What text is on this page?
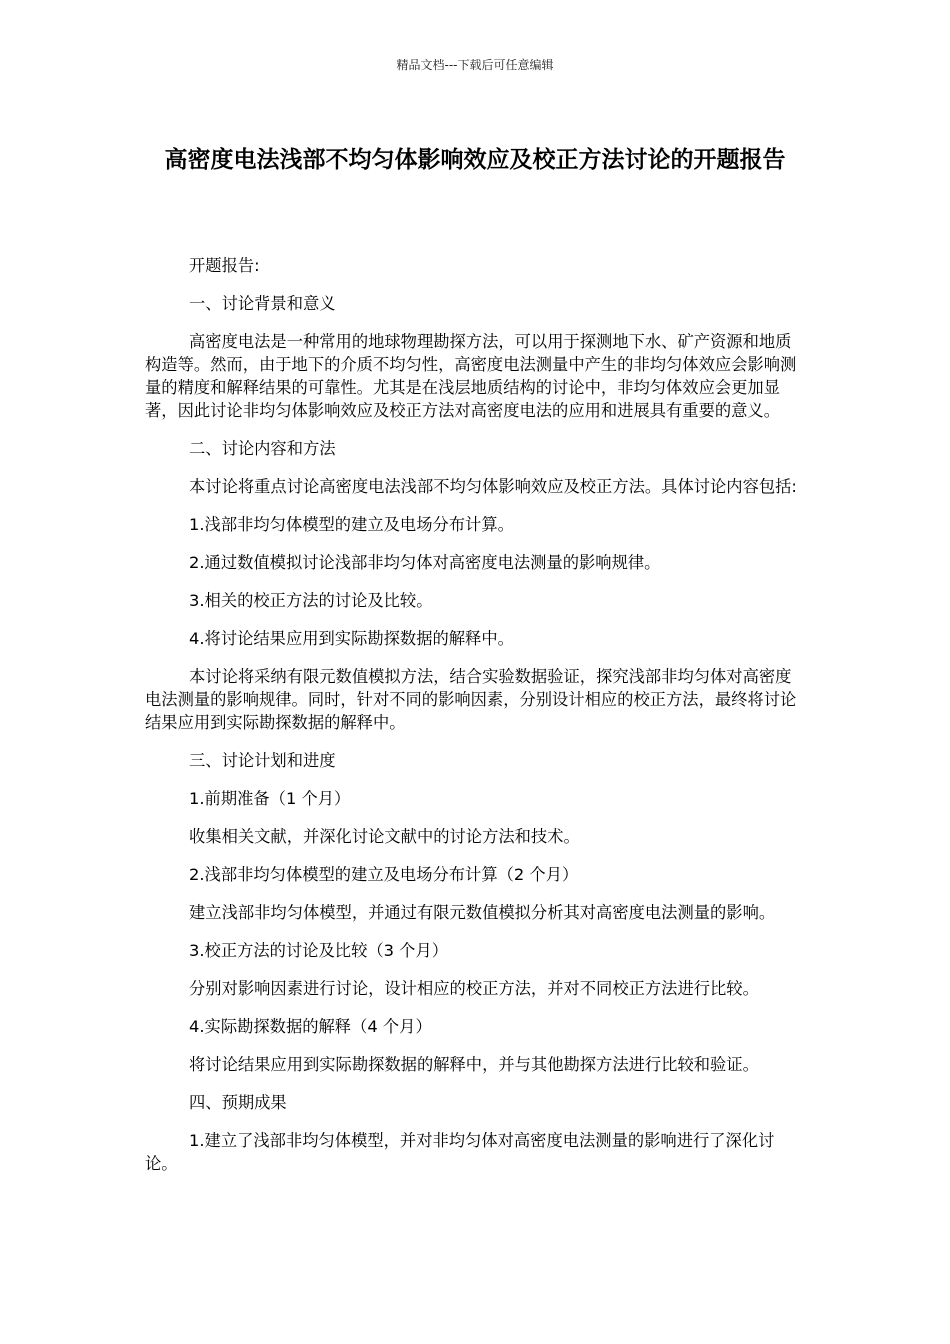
精品文档---下载后可任意编辑
高密度电法浅部不均匀体影响效应及校正方法讨论的开题报告

开题报告:

一、讨论背景和意义

高密度电法是一种常用的地球物理勘探方法，可以用于探测地下水、矿产资源和地质构造等。然而，由于地下的介质不均匀性，高密度电法测量中产生的非均匀体效应会影响测量的精度和解释结果的可靠性。尤其是在浅层地质结构的讨论中，非均匀体效应会更加显著，因此讨论非均匀体影响效应及校正方法对高密度电法的应用和进展具有重要的意义。

二、讨论内容和方法

本讨论将重点讨论高密度电法浅部不均匀体影响效应及校正方法。具体讨论内容包括:

1.浅部非均匀体模型的建立及电场分布计算。

2.通过数值模拟讨论浅部非均匀体对高密度电法测量的影响规律。

3.相关的校正方法的讨论及比较。

4.将讨论结果应用到实际勘探数据的解释中。

本讨论将采纳有限元数值模拟方法，结合实验数据验证，探究浅部非均匀体对高密度电法测量的影响规律。同时，针对不同的影响因素，分别设计相应的校正方法，最终将讨论结果应用到实际勘探数据的解释中。

三、讨论计划和进度

1.前期准备（1 个月）

收集相关文献，并深化讨论文献中的讨论方法和技术。

2.浅部非均匀体模型的建立及电场分布计算（2 个月）

建立浅部非均匀体模型，并通过有限元数值模拟分析其对高密度电法测量的影响。

3.校正方法的讨论及比较（3 个月）

分别对影响因素进行讨论，设计相应的校正方法，并对不同校正方法进行比较。

4.实际勘探数据的解释（4 个月）

将讨论结果应用到实际勘探数据的解释中，并与其他勘探方法进行比较和验证。

四、预期成果

1.建立了浅部非均匀体模型，并对非均匀体对高密度电法测量的影响进行了深化讨论。
